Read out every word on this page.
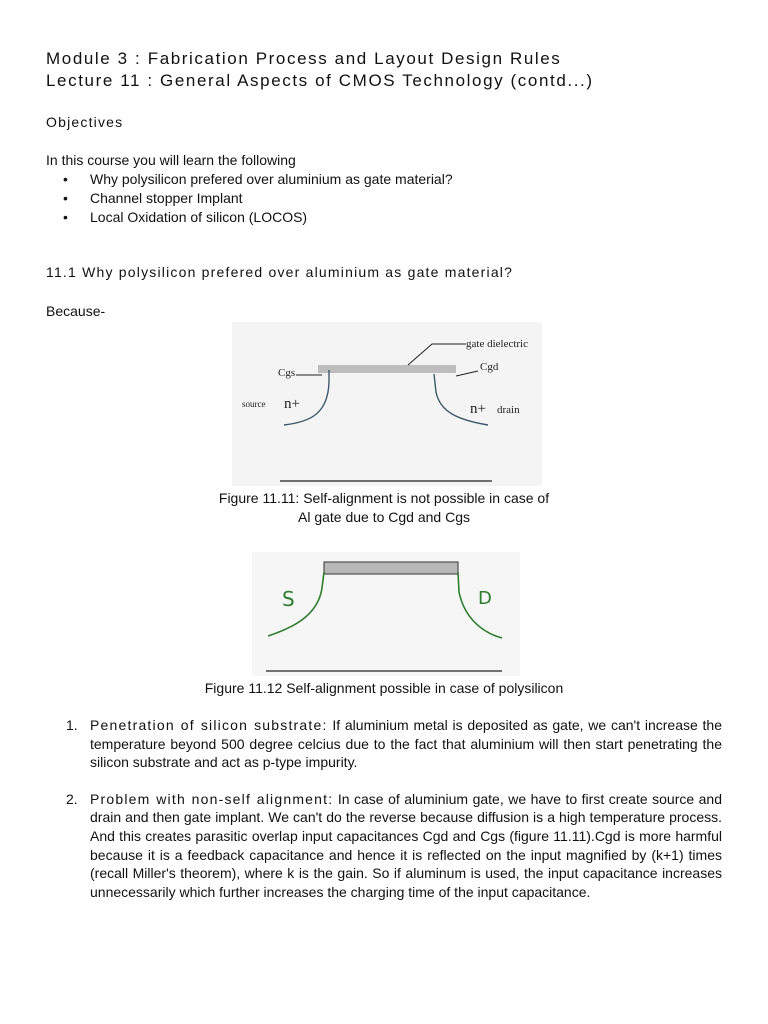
Module 3 : Fabrication Process and Layout Design Rules
Lecture 11 : General Aspects of CMOS Technology (contd...)
Objectives
In this course you will learn the following
• Why polysilicon prefered over aluminium as gate material?
• Channel stopper Implant
• Local Oxidation of silicon (LOCOS)
11.1 Why polysilicon prefered over aluminium as gate material?
Because-
gate dielectric
Cgs	Cgd
source n+	n+ drain
Figure 11.11: Self-alignment is not possible in case of
Al gate due to Cgd and Cgs
S	D
Figure 11.12 Self-alignment possible in case of polysilicon
1. Penetration of silicon substrate: If aluminium metal is deposited as gate, we can't increase the temperature beyond 500 degree celcius due to the fact that aluminium will then start penetrating the silicon substrate and act as p-type impurity.
2. Problem with non-self alignment: In case of aluminium gate, we have to first create source and drain and then gate implant. We can't do the reverse because diffusion is a high temperature process. And this creates parasitic overlap input capacitances Cgd and Cgs (figure 11.11).Cgd is more harmful because it is a feedback capacitance and hence it is reflected on the input magnified by (k+1) times (recall Miller's theorem), where k is the gain. So if aluminum is used, the input capacitance increases unnecessarily which further increases the charging time of the input capacitance.
